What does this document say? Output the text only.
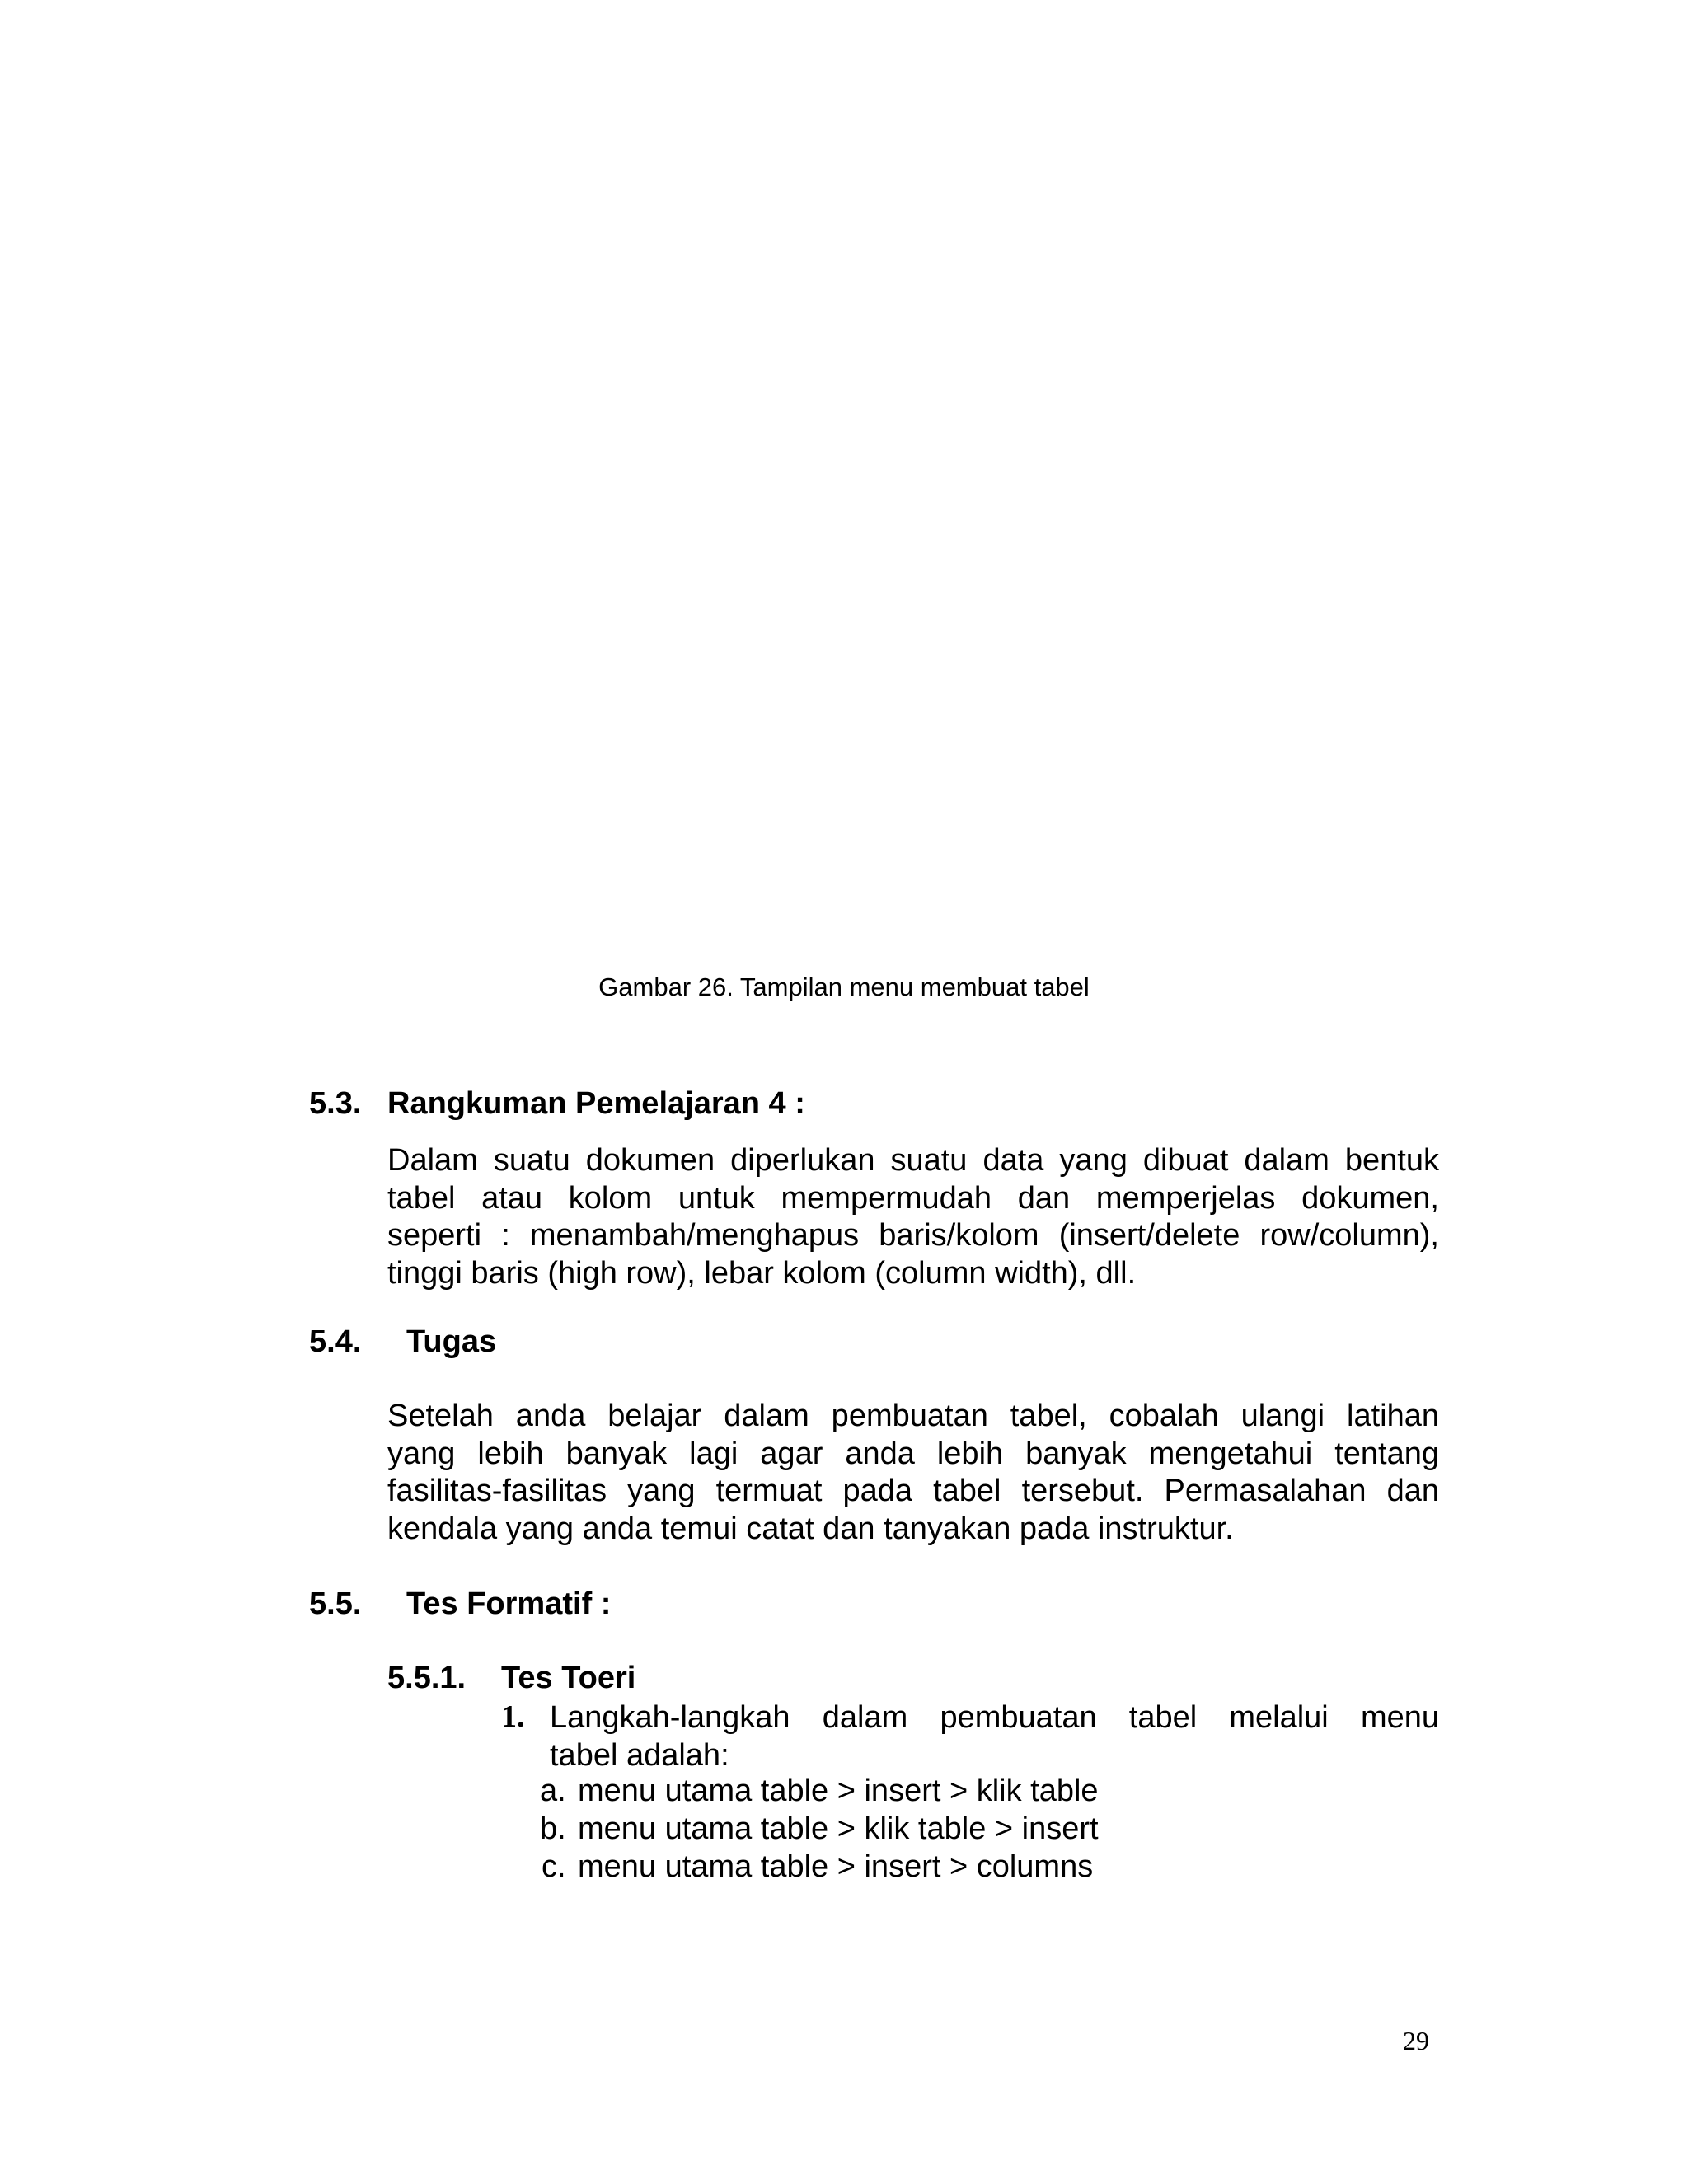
Gambar 26. Tampilan menu membuat tabel
5.3. Rangkuman Pemelajaran 4 :
Dalam suatu dokumen diperlukan suatu data yang dibuat dalam bentuk
tabel atau kolom untuk mempermudah dan memperjelas dokumen,
seperti : menambah/menghapus baris/kolom (insert/delete row/column),
tinggi baris (high row), lebar kolom (column width), dll.
5.4. Tugas
Setelah anda belajar dalam pembuatan tabel, cobalah ulangi latihan
yang lebih banyak lagi agar anda lebih banyak mengetahui tentang
fasilitas-fasilitas yang termuat pada tabel tersebut. Permasalahan dan
kendala yang anda temui catat dan tanyakan pada instruktur.
5.5. Tes Formatif :
5.5.1. Tes Toeri
1. Langkah-langkah dalam pembuatan tabel melalui menu
tabel adalah:
a. menu utama table > insert > klik table
b. menu utama table > klik table > insert
c. menu utama table > insert > columns
29
